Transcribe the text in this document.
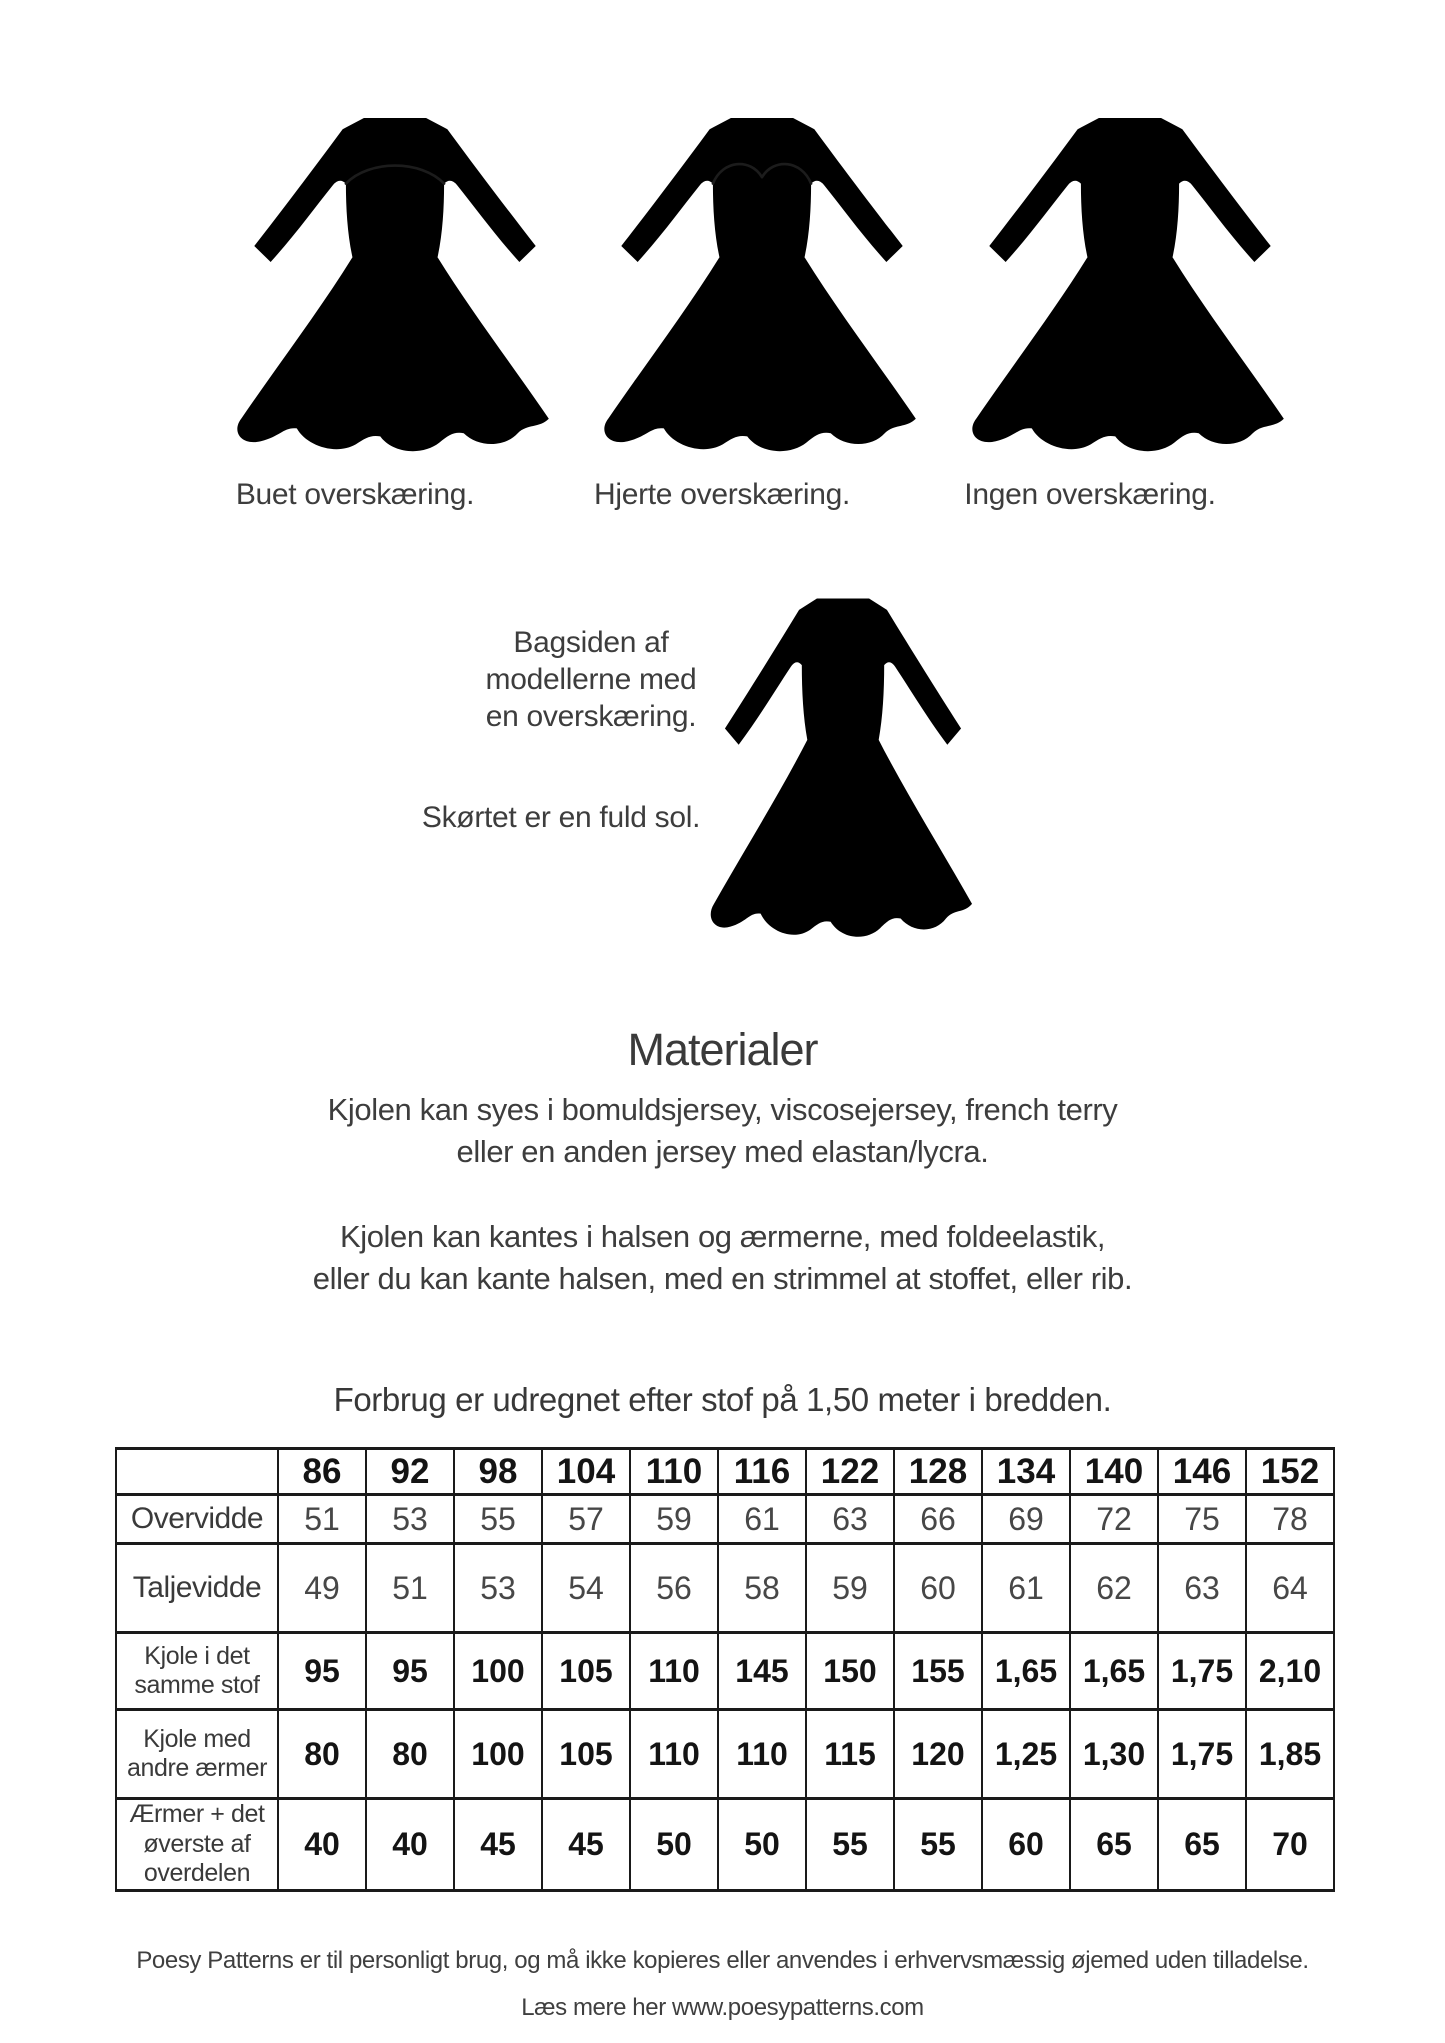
Buet overskæring.	Hjerte overskæring.	Ingen overskæring.
Bagsiden af
modellerne med
en overskæring.
Skørtet er en fuld sol.
Materialer
Kjolen kan syes i bomuldsjersey, viscosejersey, french terry
eller en anden jersey med elastan/lycra.
Kjolen kan kantes i halsen og ærmerne, med foldeelastik,
eller du kan kante halsen, med en strimmel at stoffet, eller rib.
Forbrug er udregnet efter stof på 1,50 meter i bredden.
	86	92	98	104	110	116	122	128	134	140	146	152
Overvidde	51	53	55	57	59	61	63	66	69	72	75	78
Taljevidde	49	51	53	54	56	58	59	60	61	62	63	64
Kjole i det samme stof	95	95	100	105	110	145	150	155	1,65	1,65	1,75	2,10
Kjole med andre ærmer	80	80	100	105	110	110	115	120	1,25	1,30	1,75	1,85
Ærmer + det øverste af overdelen	40	40	45	45	50	50	55	55	60	65	65	70
Poesy Patterns er til personligt brug, og må ikke kopieres eller anvendes i erhvervsmæssig øjemed uden tilladelse.
Læs mere her www.poesypatterns.com
